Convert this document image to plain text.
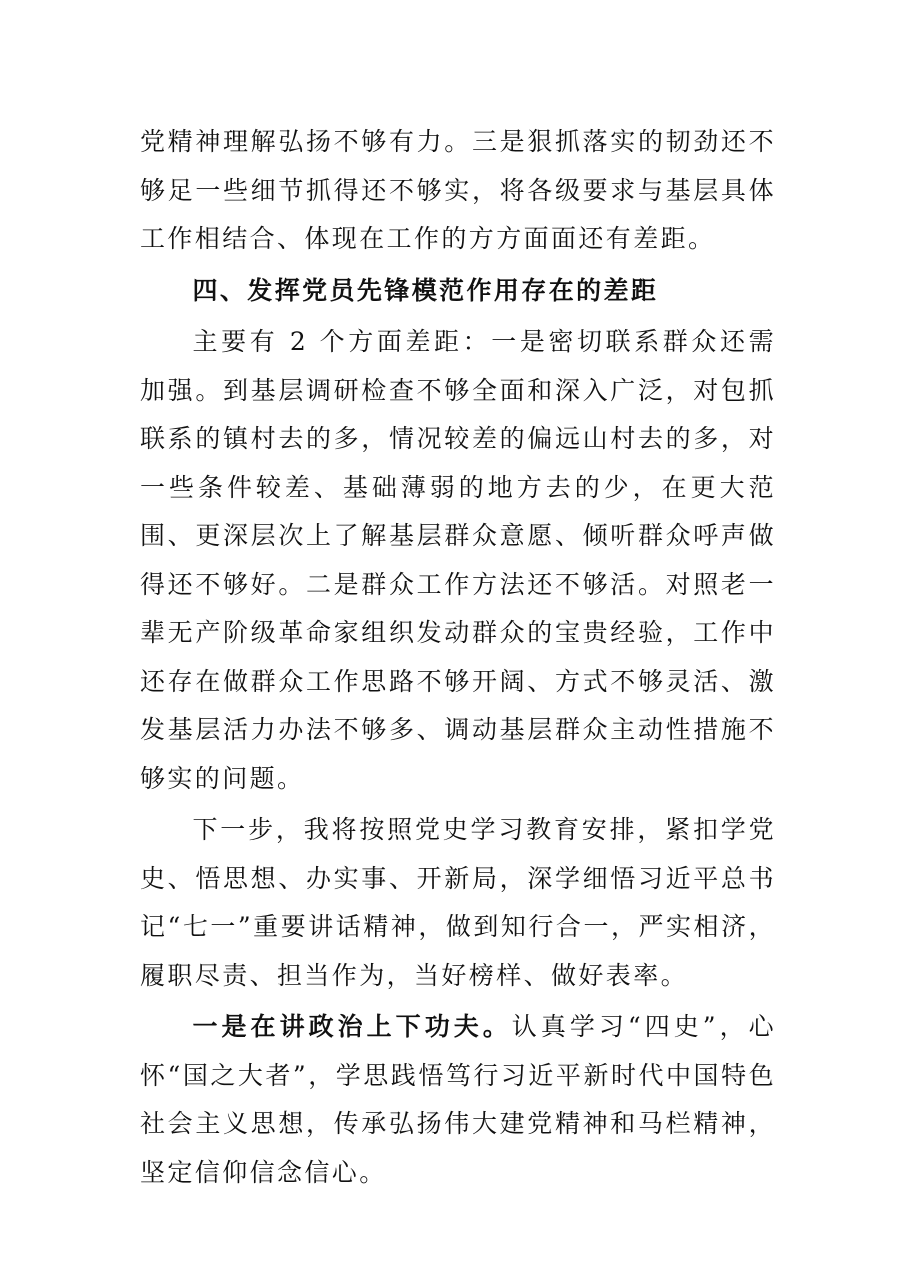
党精神理解弘扬不够有力。三是狠抓落实的韧劲还不够足一些细节抓得还不够实，将各级要求与基层具体工作相结合、体现在工作的方方面面还有差距。

四、发挥党员先锋模范作用存在的差距

主要有 2 个方面差距：一是密切联系群众还需加强。到基层调研检查不够全面和深入广泛，对包抓联系的镇村去的多，情况较差的偏远山村去的多，对一些条件较差、基础薄弱的地方去的少，在更大范围、更深层次上了解基层群众意愿、倾听群众呼声做得还不够好。二是群众工作方法还不够活。对照老一辈无产阶级革命家组织发动群众的宝贵经验，工作中还存在做群众工作思路不够开阔、方式不够灵活、激发基层活力办法不够多、调动基层群众主动性措施不够实的问题。

下一步，我将按照党史学习教育安排，紧扣学党史、悟思想、办实事、开新局，深学细悟习近平总书记“七一”重要讲话精神，做到知行合一，严实相济，履职尽责、担当作为，当好榜样、做好表率。

一是在讲政治上下功夫。认真学习“四史”，心怀“国之大者”，学思践悟笃行习近平新时代中国特色社会主义思想，传承弘扬伟大建党精神和马栏精神，坚定信仰信念信心。
